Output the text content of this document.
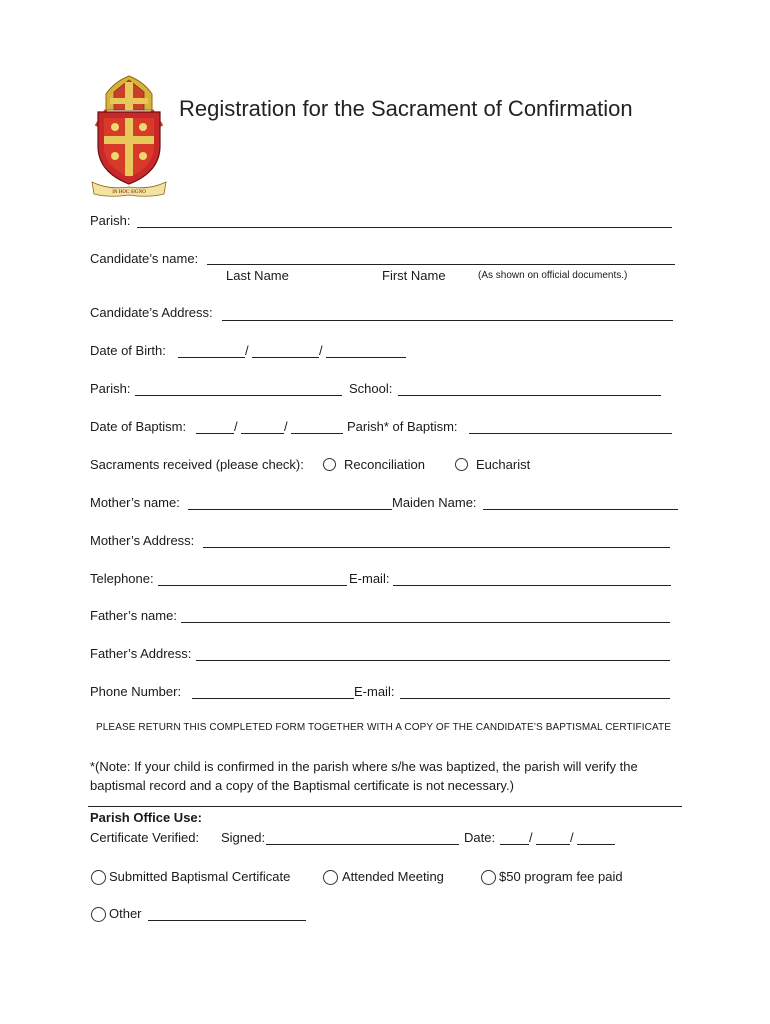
IN HOC SIGNO
Registration for the Sacrament of Confirmation
Parish:
Candidate’s name:
Last Name	First Name	(As shown on official documents.)
Candidate’s Address:
Date of Birth:	/	/
Parish:	School:
Date of Baptism:	/	/	Parish* of Baptism:
Sacraments received (please check):	Reconciliation	Eucharist
Mother’s name:	Maiden Name:
Mother’s Address:
Telephone:	E-mail:
Father’s name:
Father’s Address:
Phone Number:	E-mail:
PLEASE RETURN THIS COMPLETED FORM TOGETHER WITH A COPY OF THE CANDIDATE’S BAPTISMAL CERTIFICATE
*(Note: If your child is confirmed in the parish where s/he was baptized, the parish will verify the baptismal record and a copy of the Baptismal certificate is not necessary.)
Parish Office Use:
Certificate Verified: Signed:	Date:	/	/
Submitted Baptismal Certificate	Attended Meeting	$50 program fee paid
Other
